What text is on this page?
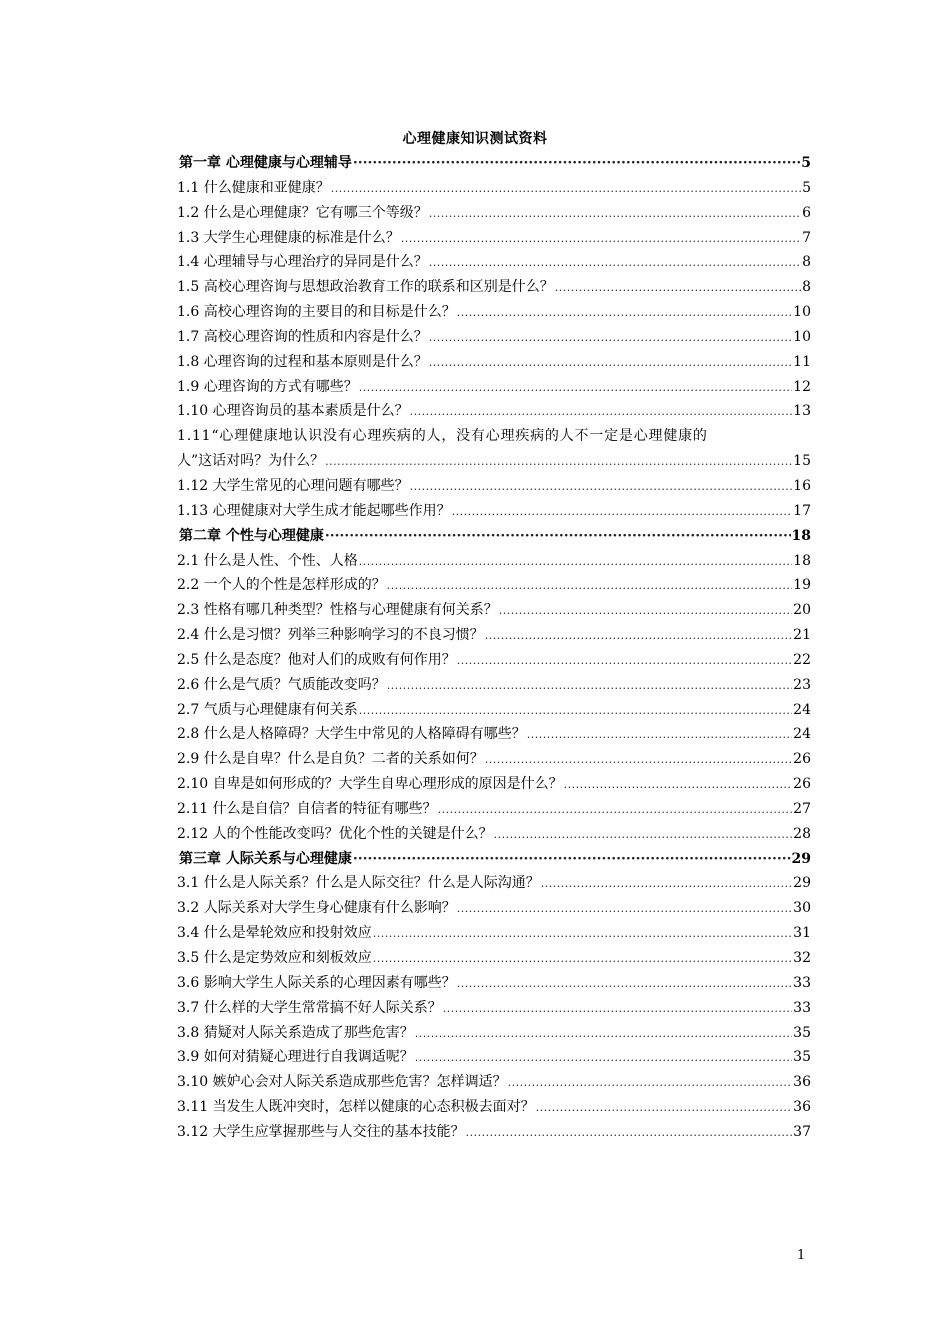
心理健康知识测试资料
第一章 心理健康与心理辅导 ·····	5
1.1 什么健康和亚健康？ .....	5
1.2 什么是心理健康？它有哪三个等级？ .....	6
1.3 大学生心理健康的标准是什么？ .....	7
1.4 心理辅导与心理治疗的异同是什么？ .....	8
1.5 高校心理咨询与思想政治教育工作的联系和区别是什么？ .....	8
1.6 高校心理咨询的主要目的和目标是什么？ .....	10
1.7 高校心理咨询的性质和内容是什么？ .....	10
1.8 心理咨询的过程和基本原则是什么？ .....	11
1.9 心理咨询的方式有哪些？ .....	12
1.10 心理咨询员的基本素质是什么？ .....	13
1.11“心理健康地认识没有心理疾病的人，没有心理疾病的人不一定是心理健康的
人”这话对吗？为什么？ .....	15
1.12 大学生常见的心理问题有哪些？ .....	16
1.13 心理健康对大学生成才能起哪些作用？ .....	17
第二章 个性与心理健康 ·····	18
2.1 什么是人性、个性、人格 .....	18
2.2 一个人的个性是怎样形成的？ .....	19
2.3 性格有哪几种类型？性格与心理健康有何关系？ .....	20
2.4 什么是习惯？列举三种影响学习的不良习惯？ .....	21
2.5 什么是态度？他对人们的成败有何作用？ .....	22
2.6 什么是气质？气质能改变吗？ .....	23
2.7 气质与心理健康有何关系 .....	24
2.8 什么是人格障碍？大学生中常见的人格障碍有哪些？ .....	24
2.9 什么是自卑？什么是自负？二者的关系如何？ .....	26
2.10 自卑是如何形成的？大学生自卑心理形成的原因是什么？ .....	26
2.11 什么是自信？自信者的特征有哪些？ .....	27
2.12 人的个性能改变吗？优化个性的关键是什么？ .....	28
第三章 人际关系与心理健康 ·····	29
3.1 什么是人际关系？什么是人际交往？什么是人际沟通？ .....	29
3.2 人际关系对大学生身心健康有什么影响？ .....	30
3.4 什么是晕轮效应和投射效应 .....	31
3.5 什么是定势效应和刻板效应 .....	32
3.6 影响大学生人际关系的心理因素有哪些？ .....	33
3.7 什么样的大学生常常搞不好人际关系？ .....	33
3.8 猜疑对人际关系造成了那些危害？ .....	35
3.9 如何对猜疑心理进行自我调适呢？ .....	35
3.10 嫉妒心会对人际关系造成那些危害？怎样调适？ .....	36
3.11 当发生人既冲突时，怎样以健康的心态积极去面对？ .....	36
3.12 大学生应掌握那些与人交往的基本技能？ .....	37
1
